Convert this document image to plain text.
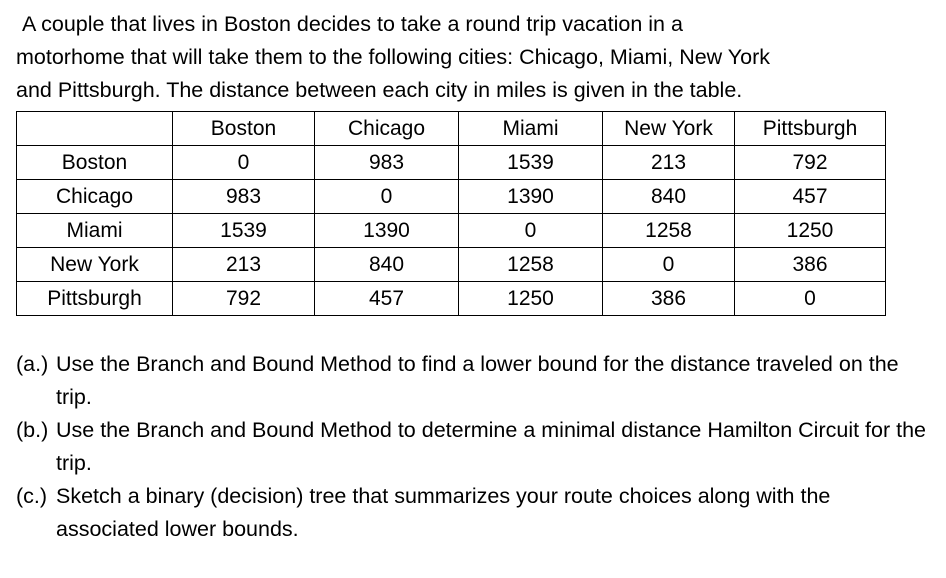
A couple that lives in Boston decides to take a round trip vacation in a
motorhome that will take them to the following cities: Chicago, Miami, New York
and Pittsburgh. The distance between each city in miles is given in the table.

	Boston	Chicago	Miami	New York	Pittsburgh
Boston	0	983	1539	213	792
Chicago	983	0	1390	840	457
Miami	1539	1390	0	1258	1250
New York	213	840	1258	0	386
Pittsburgh	792	457	1250	386	0
(a.) Use the Branch and Bound Method to find a lower bound for the distance traveled on the trip.
(b.) Use the Branch and Bound Method to determine a minimal distance Hamilton Circuit for the trip.
(c.) Sketch a binary (decision) tree that summarizes your route choices along with the associated lower bounds.
